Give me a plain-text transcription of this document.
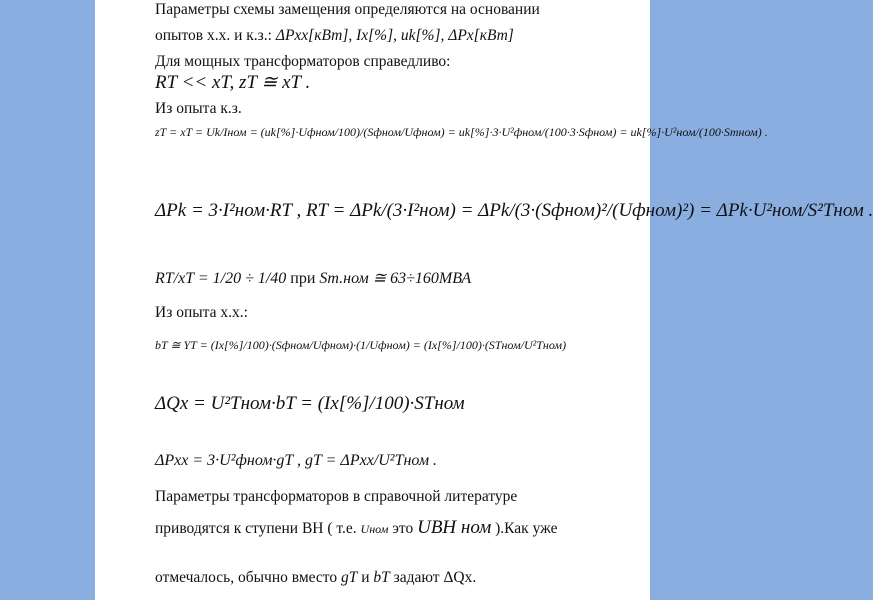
Параметры схемы замещения определяются на основании
опытов х.х. и к.з.: ΔPxx[кВт], Ix[%], uk[%], ΔPx[кВт]
Для мощных трансформаторов справедливо:
RT << xT, zT ≅ xT .
Из опыта к.з.
zT = xT = Uk/Iном = (uk[%]·Uфном/100)/(Sфном/Uфном) = uk[%]·3·U²фном/(100·3·Sфном) = uk[%]·U²ном/(100·Sтном) .
ΔPk = 3·I²ном·RT , RT = ΔPk/(3·I²ном) = ΔPk/(3·(Sфном)²/(Uфном)²) = ΔPk·U²ном/S²Тном .
RT/xT = 1/20 ÷ 1/40 при Sт.ном ≅ 63÷160МВА
Из опыта х.х.:
bT ≅ YT = (Ix[%]/100)·(Sфном/Uфном)·(1/Uфном) = (Ix[%]/100)·(SТном/U²Тном)
ΔQx = U²Тном·bT = (Ix[%]/100)·SТном
ΔPxx = 3·U²фном·gT , gT = ΔPxx/U²Тном .
Параметры трансформаторов в справочной литературе
приводятся к ступени ВН ( т.е. Uном это UВН ном ).Как уже
отмечалось, обычно вместо gT и bT задают ΔQх.
